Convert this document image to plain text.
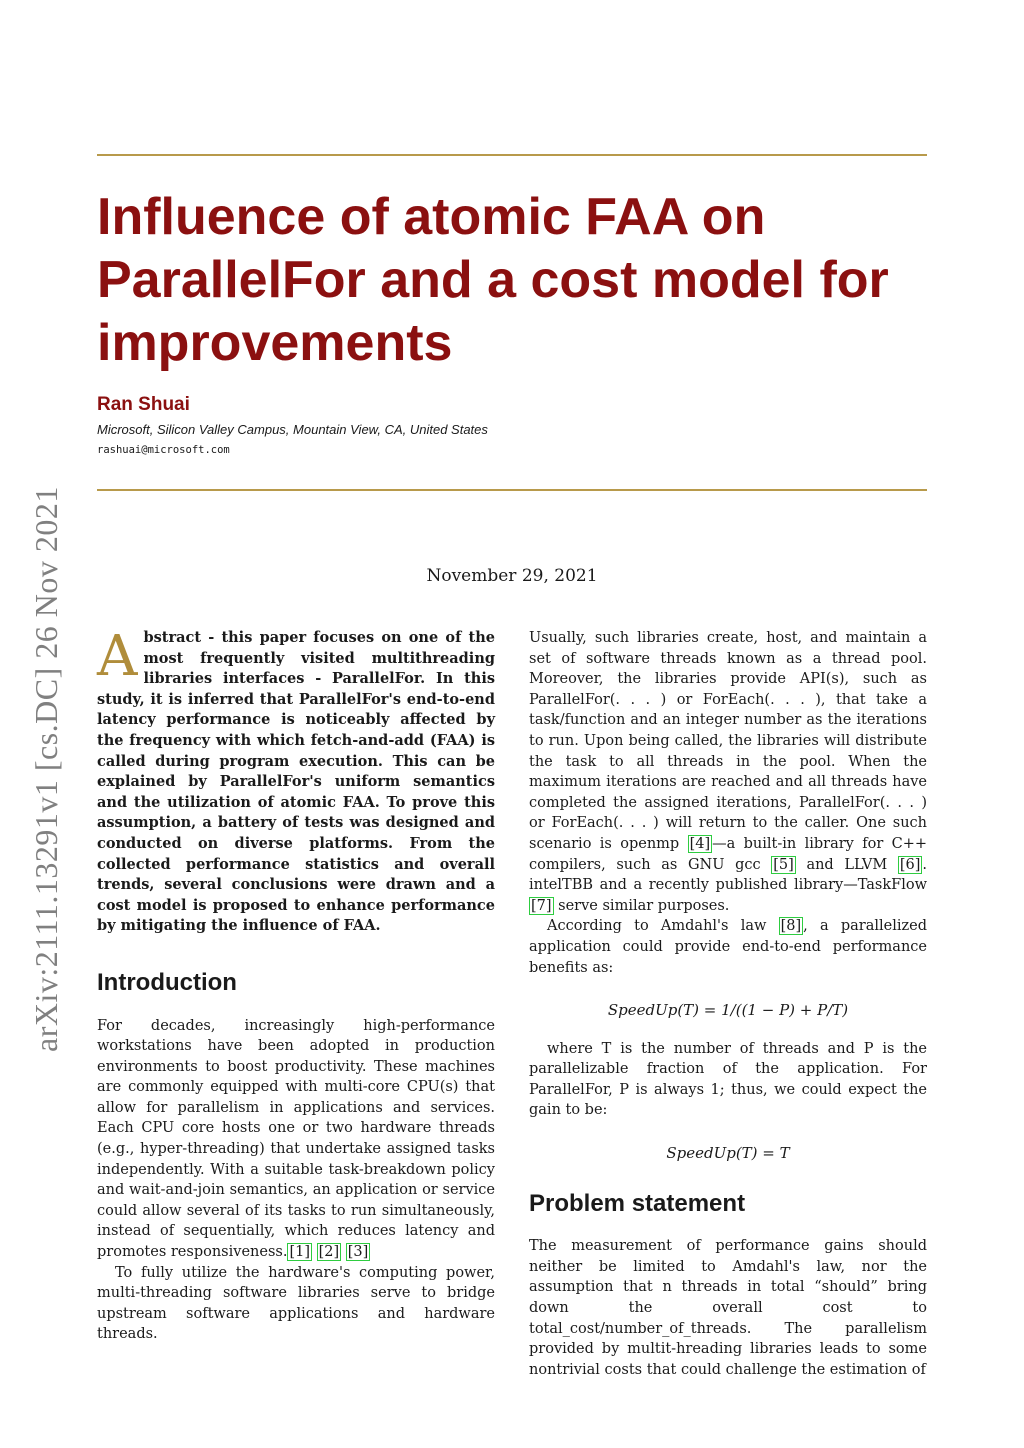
arXiv:2111.13291v1 [cs.DC] 26 Nov 2021
Influence of atomic FAA on ParallelFor and a cost model for improvements
Ran Shuai
Microsoft, Silicon Valley Campus, Mountain View, CA, United States
rashuai@microsoft.com
November 29, 2021

Abstract - this paper focuses on one of the most frequently visited multithreading libraries interfaces - ParallelFor. In this study, it is inferred that ParallelFor's end-to-end latency performance is noticeably affected by the frequency with which fetch-and-add (FAA) is called during program execution. This can be explained by ParallelFor's uniform semantics and the utilization of atomic FAA. To prove this assumption, a battery of tests was designed and conducted on diverse platforms. From the collected performance statistics and overall trends, several conclusions were drawn and a cost model is proposed to enhance performance by mitigating the influence of FAA.

Introduction

For decades, increasingly high-performance workstations have been adopted in production environments to boost productivity. These machines are commonly equipped with multi-core CPU(s) that allow for parallelism in applications and services. Each CPU core hosts one or two hardware threads (e.g., hyper-threading) that undertake assigned tasks independently. With a suitable task-breakdown policy and wait-and-join semantics, an application or service could allow several of its tasks to run simultaneously, instead of sequentially, which reduces latency and promotes responsiveness. [1] [2] [3]

To fully utilize the hardware's computing power, multi-threading software libraries serve to bridge upstream software applications and hardware threads.

Usually, such libraries create, host, and maintain a set of software threads known as a thread pool. Moreover, the libraries provide API(s), such as ParallelFor(. . . ) or ForEach(. . . ), that take a task/function and an integer number as the iterations to run. Upon being called, the libraries will distribute the task to all threads in the pool. When the maximum iterations are reached and all threads have completed the assigned iterations, ParallelFor(. . . ) or ForEach(. . . ) will return to the caller. One such scenario is openmp [4] —a built-in library for C++ compilers, such as GNU gcc [5] and LLVM [6] . intelTBB and a recently published library—TaskFlow [7] serve similar purposes.

According to Amdahl's law [8] , a parallelized application could provide end-to-end performance benefits as:

SpeedUp(T) = 1/((1 − P) + P/T)

where T is the number of threads and P is the parallelizable fraction of the application. For ParallelFor, P is always 1; thus, we could expect the gain to be:

SpeedUp(T) = T
Problem statement

The measurement of performance gains should neither be limited to Amdahl's law, nor the assumption that n threads in total “should” bring down the overall cost to total_cost/number_of_threads. The parallelism provided by multit-hreading libraries leads to some nontrivial costs that could challenge the estimation of
